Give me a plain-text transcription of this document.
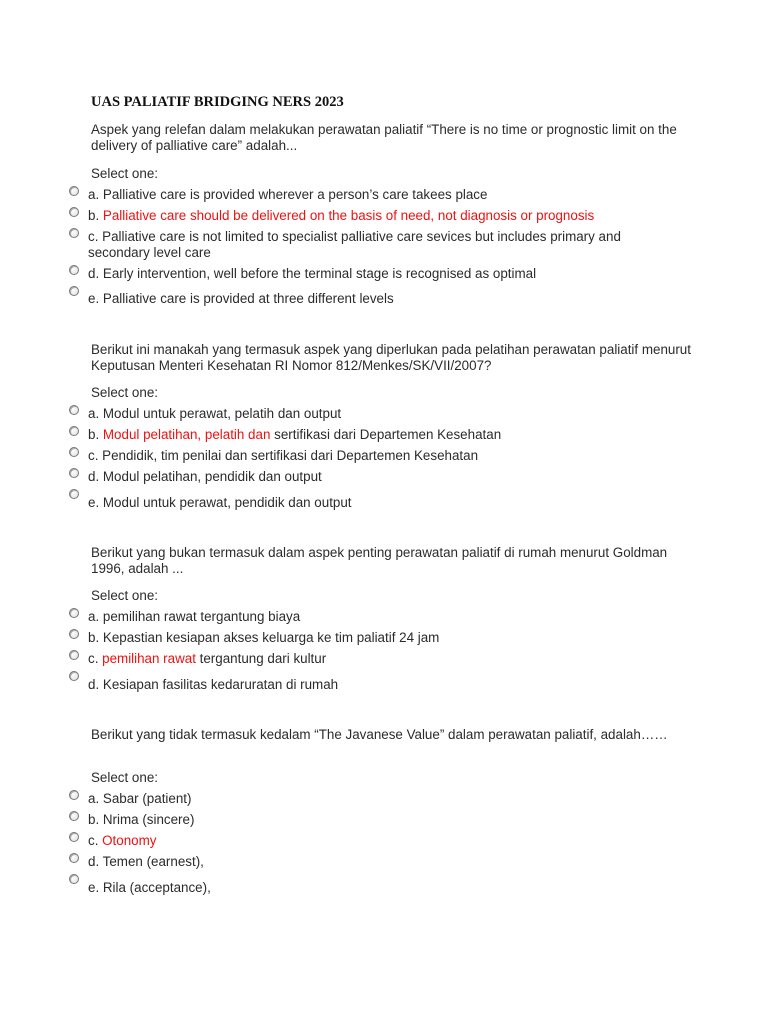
UAS PALIATIF BRIDGING NERS 2023
Aspek yang relefan dalam melakukan perawatan paliatif “There is no time or prognostic limit on the delivery of palliative care” adalah...
Select one:
a. Palliative care is provided wherever a person’s care takees place
b. Palliative care should be delivered on the basis of need, not diagnosis or prognosis
c. Palliative care is not limited to specialist palliative care sevices but includes primary and secondary level care
d. Early intervention, well before the terminal stage is recognised as optimal
e. Palliative care is provided at three different levels
Berikut ini manakah yang termasuk aspek yang diperlukan pada pelatihan perawatan paliatif menurut Keputusan Menteri Kesehatan RI Nomor 812/Menkes/SK/VII/2007?
Select one:
a. Modul untuk perawat, pelatih dan output
b. Modul pelatihan, pelatih dan sertifikasi dari Departemen Kesehatan
c. Pendidik, tim penilai dan sertifikasi dari Departemen Kesehatan
d. Modul pelatihan, pendidik dan output
e. Modul untuk perawat, pendidik dan output
Berikut yang bukan termasuk dalam aspek penting perawatan paliatif di rumah menurut Goldman 1996, adalah ...
Select one:
a. pemilihan rawat tergantung biaya
b. Kepastian kesiapan akses keluarga ke tim paliatif 24 jam
c. pemilihan rawat tergantung dari kultur
d. Kesiapan fasilitas kedaruratan di rumah
Berikut yang tidak termasuk kedalam “The Javanese Value” dalam perawatan paliatif, adalah……
Select one:
a. Sabar (patient)
b. Nrima (sincere)
c. Otonomy
d. Temen (earnest),
e. Rila (acceptance),
